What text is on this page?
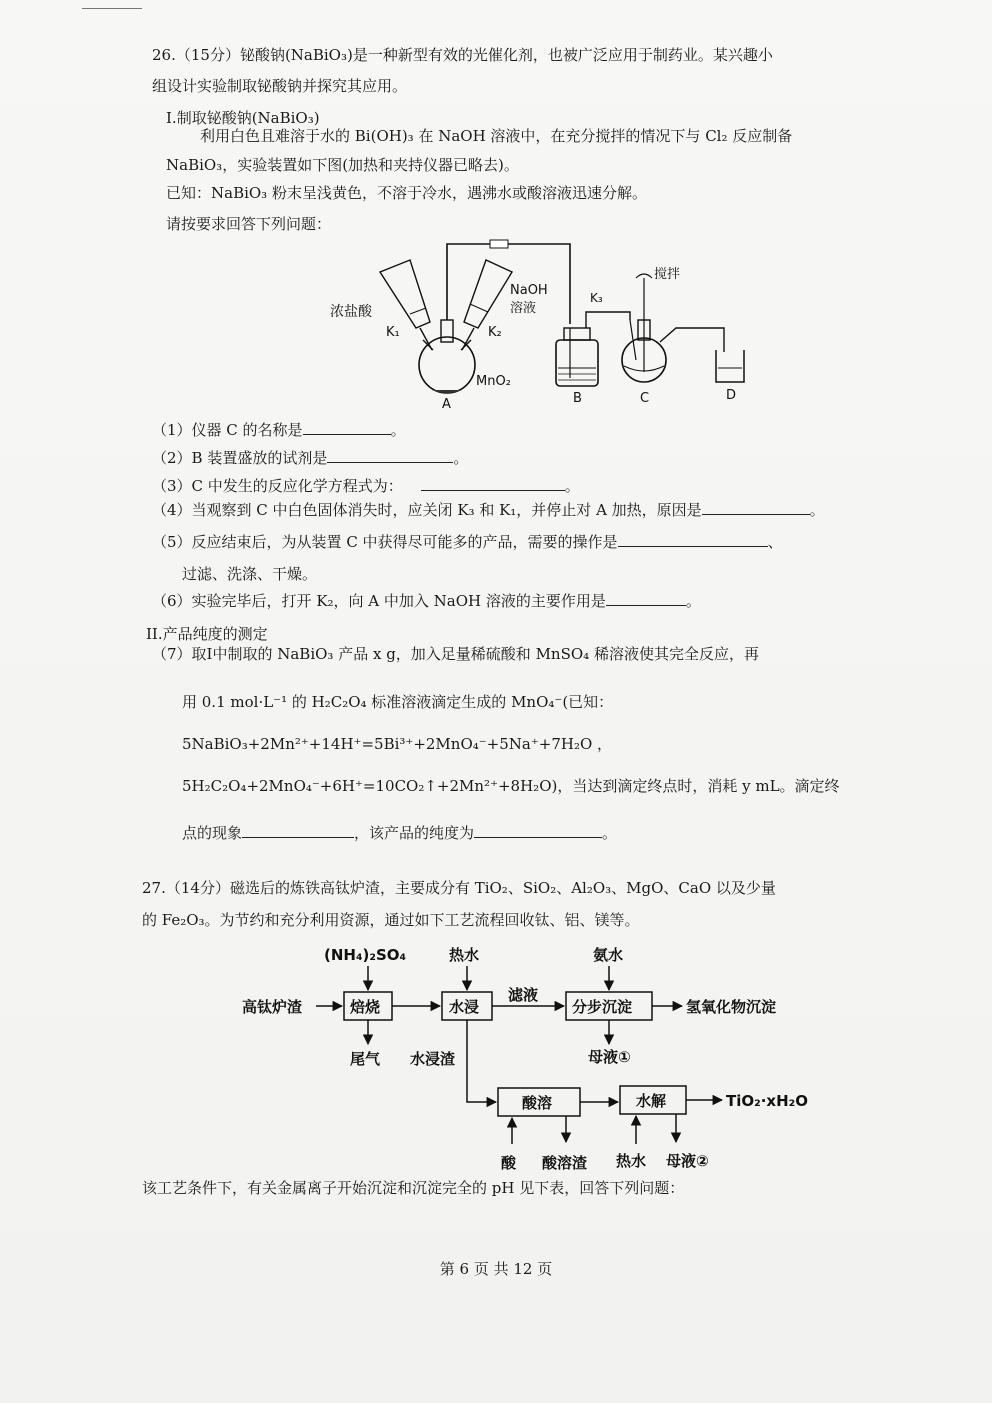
26.（15分）铋酸钠(NaBiO₃)是一种新型有效的光催化剂，也被广泛应用于制药业。某兴趣小
组设计实验制取铋酸钠并探究其应用。
I.制取铋酸钠(NaBiO₃)
利用白色且难溶于水的 Bi(OH)₃ 在 NaOH 溶液中，在充分搅拌的情况下与 Cl₂ 反应制备
NaBiO₃，实验装置如下图(加热和夹持仪器已略去)。
已知：NaBiO₃ 粉末呈浅黄色，不溶于冷水，遇沸水或酸溶液迅速分解。
请按要求回答下列问题：
浓盐酸
K₁
NaOH
溶液
K₂
MnO₂
A	B	C	D
K₃
搅拌
（1）仪器 C 的名称是	。
（2）B 装置盛放的试剂是	。
（3）C 中发生的反应化学方程式为：	。
（4）当观察到 C 中白色固体消失时，应关闭 K₃ 和 K₁，并停止对 A 加热，原因是	。
（5）反应结束后，为从装置 C 中获得尽可能多的产品，需要的操作是	、
过滤、洗涤、干燥。
（6）实验完毕后，打开 K₂，向 A 中加入 NaOH 溶液的主要作用是	。
II.产品纯度的测定
（7）取I中制取的 NaBiO₃ 产品 x g，加入足量稀硫酸和 MnSO₄ 稀溶液使其完全反应，再
用 0.1 mol·L⁻¹ 的 H₂C₂O₄ 标准溶液滴定生成的 MnO₄⁻(已知：
5NaBiO₃+2Mn²⁺+14H⁺=5Bi³⁺+2MnO₄⁻+5Na⁺+7H₂O ，
5H₂C₂O₄+2MnO₄⁻+6H⁺=10CO₂↑+2Mn²⁺+8H₂O)，当达到滴定终点时，消耗 y mL。滴定终
点的现象	，该产品的纯度为	。
27.（14分）磁选后的炼铁高钛炉渣，主要成分有 TiO₂、SiO₂、Al₂O₃、MgO、CaO 以及少量
的 Fe₂O₃。为节约和充分利用资源，通过如下工艺流程回收钛、铝、镁等。
(NH₄)₂SO₄	热水	氨水
高钛炉渣	焙烧	水浸
滤液
分步沉淀	氢氧化物沉淀
尾气 水浸渣	母液①
酸溶	水解	TiO₂·xH₂O
酸 酸溶渣 热水 母液②
该工艺条件下，有关金属离子开始沉淀和沉淀完全的 pH 见下表，回答下列问题：
第 6 页 共 12 页
